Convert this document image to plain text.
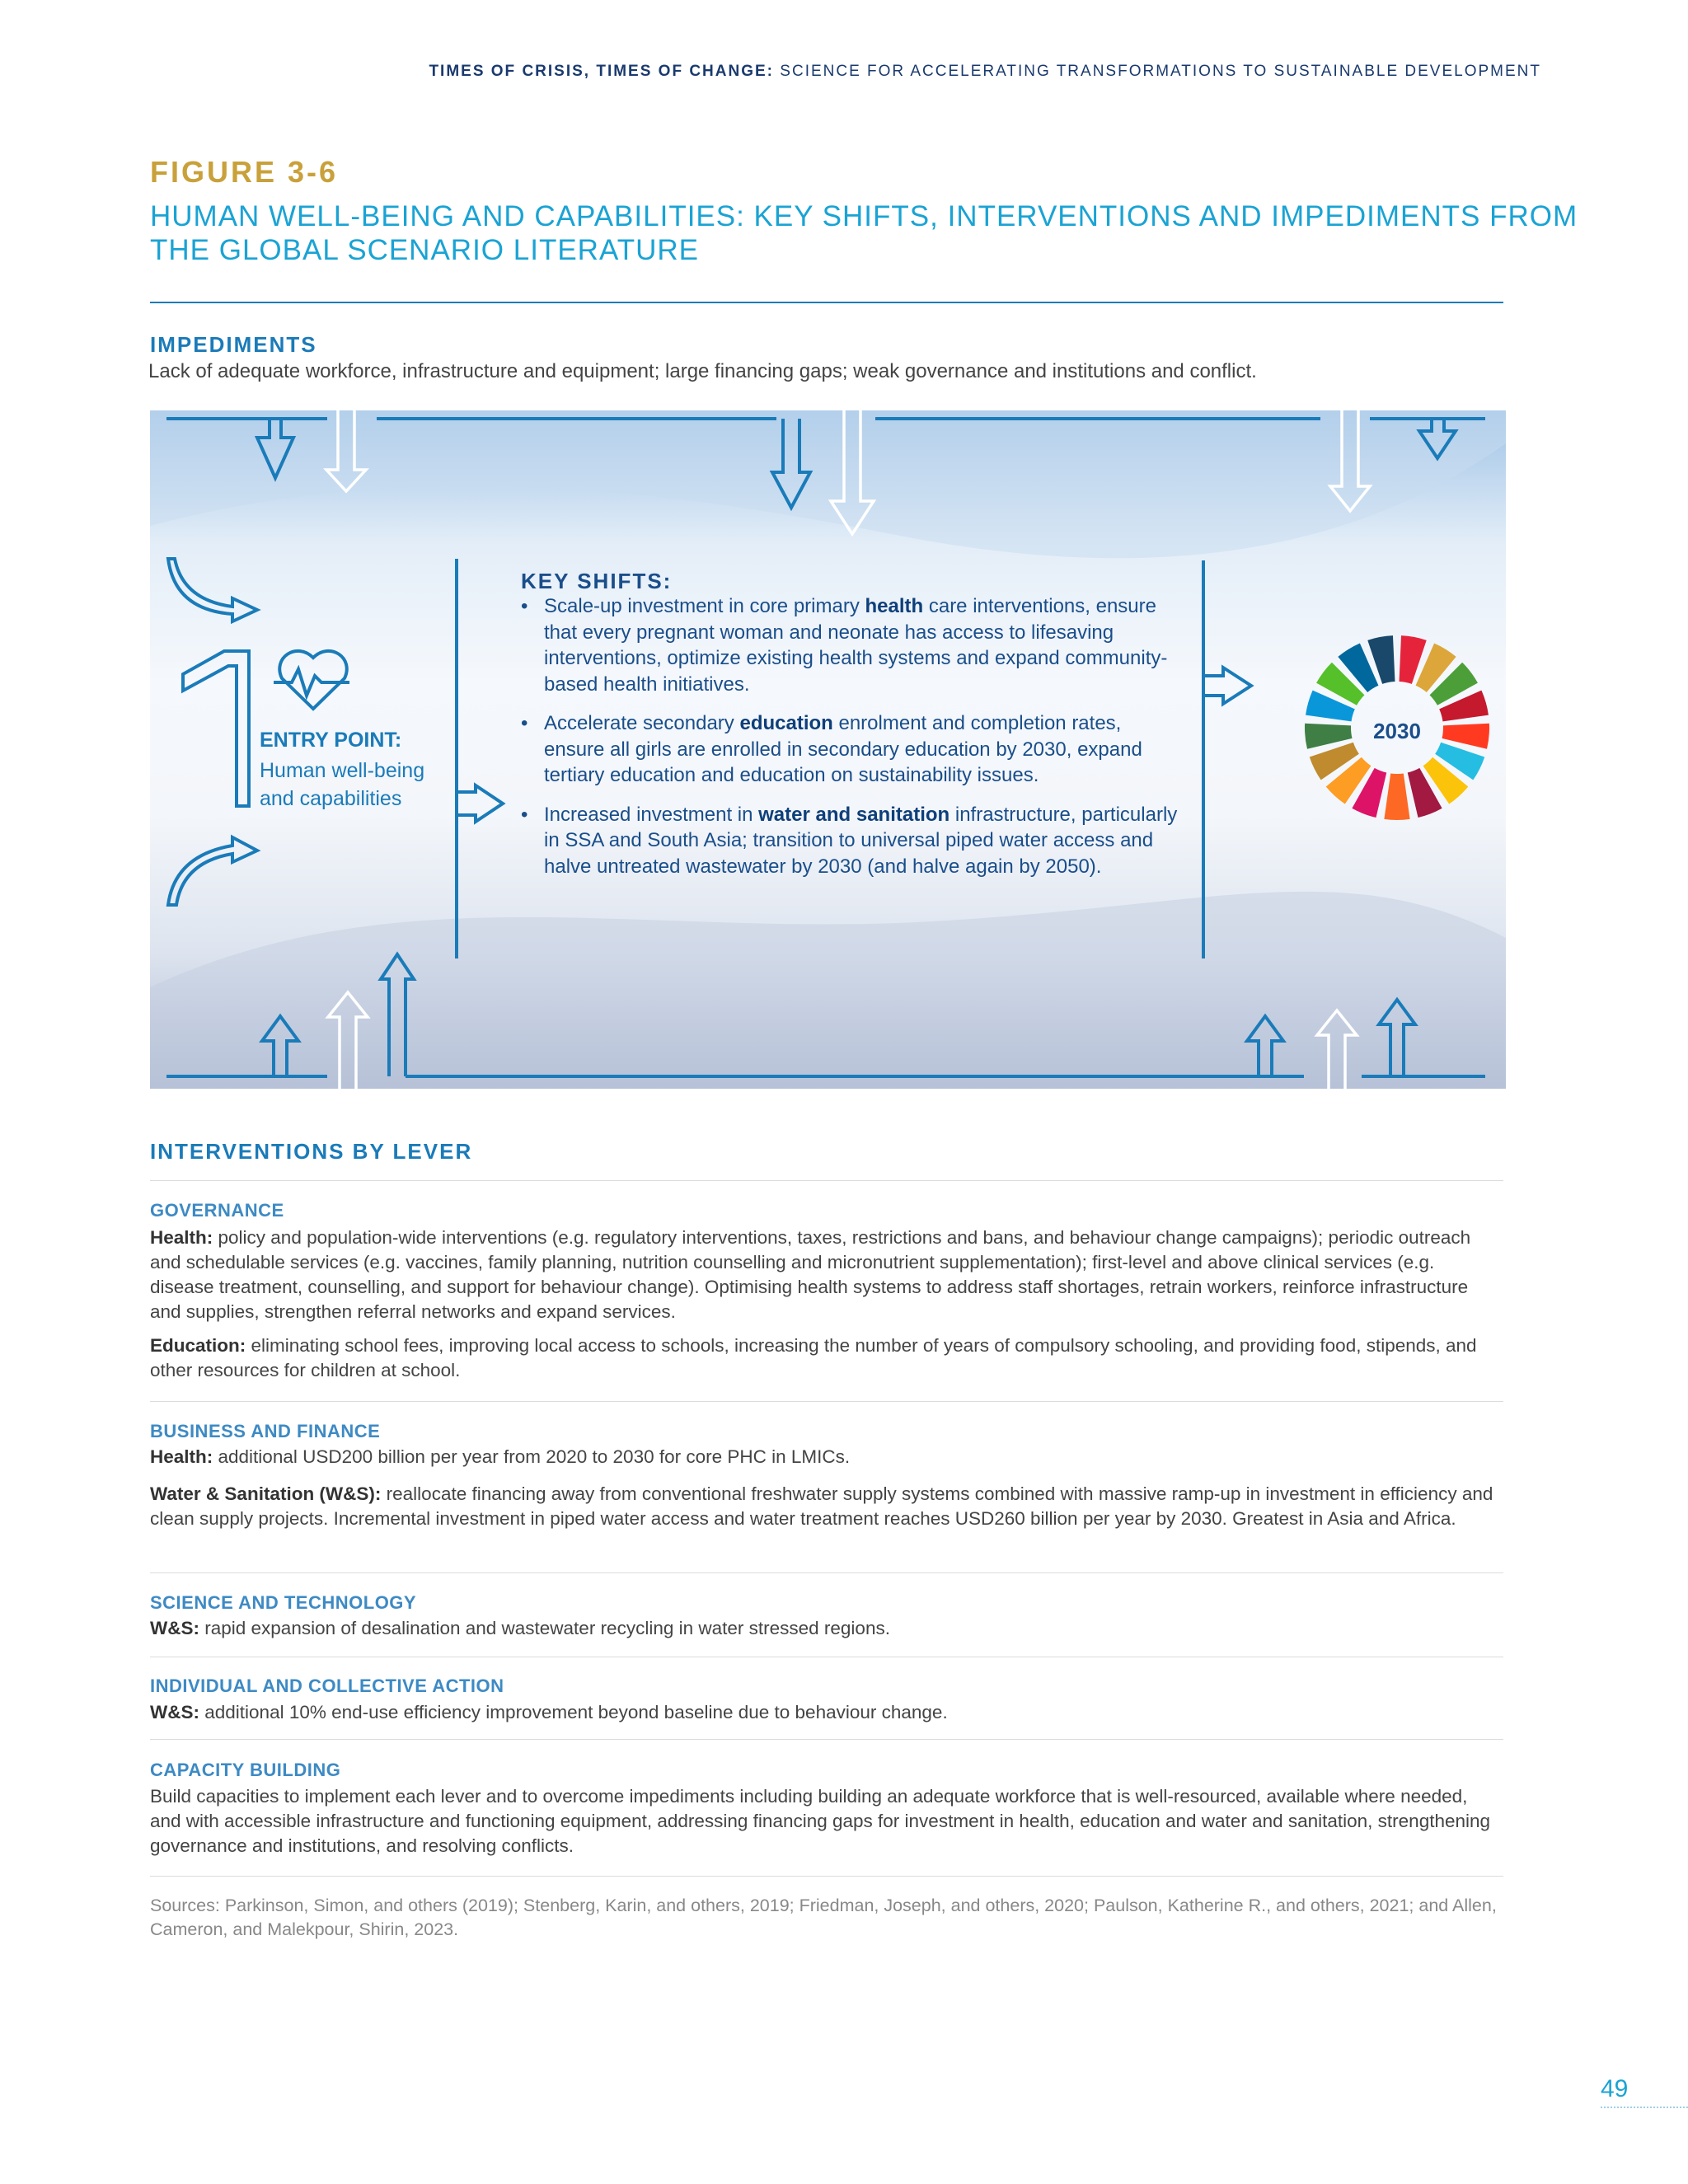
TIMES OF CRISIS, TIMES OF CHANGE: SCIENCE FOR ACCELERATING TRANSFORMATIONS TO SUSTAINABLE DEVELOPMENT
FIGURE 3-6
HUMAN WELL-BEING AND CAPABILITIES: KEY SHIFTS, INTERVENTIONS AND IMPEDIMENTS FROM THE GLOBAL SCENARIO LITERATURE
IMPEDIMENTS
Lack of adequate workforce, infrastructure and equipment; large financing gaps; weak governance and institutions and conflict.
KEY SHIFTS:
• Scale-up investment in core primary health care interventions, ensure that every pregnant woman and neonate has access to lifesaving interventions, optimize existing health systems and expand community-based health initiatives.
• Accelerate secondary education enrolment and completion rates, ensure all girls are enrolled in secondary education by 2030, expand tertiary education and education on sustainability issues.
• Increased investment in water and sanitation infrastructure, particularly in SSA and South Asia; transition to universal piped water access and halve untreated wastewater by 2030 (and halve again by 2050).
ENTRY POINT:
Human well-being and capabilities
2030
INTERVENTIONS BY LEVER
GOVERNANCE

Health: policy and population-wide interventions (e.g. regulatory interventions, taxes, restrictions and bans, and behaviour change campaigns); periodic outreach and schedulable services (e.g. vaccines, family planning, nutrition counselling and micronutrient supplementation); first-level and above clinical services (e.g. disease treatment, counselling, and support for behaviour change). Optimising health systems to address staff shortages, retrain workers, reinforce infrastructure and supplies, strengthen referral networks and expand services.

Education: eliminating school fees, improving local access to schools, increasing the number of years of compulsory schooling, and providing food, stipends, and other resources for children at school.

BUSINESS AND FINANCE

Health: additional USD200 billion per year from 2020 to 2030 for core PHC in LMICs.

Water & Sanitation (W&S): reallocate financing away from conventional freshwater supply systems combined with massive ramp-up in investment in efficiency and clean supply projects. Incremental investment in piped water access and water treatment reaches USD260 billion per year by 2030. Greatest in Asia and Africa.

SCIENCE AND TECHNOLOGY

W&S: rapid expansion of desalination and wastewater recycling in water stressed regions.

INDIVIDUAL AND COLLECTIVE ACTION

W&S: additional 10% end-use efficiency improvement beyond baseline due to behaviour change.

CAPACITY BUILDING

Build capacities to implement each lever and to overcome impediments including building an adequate workforce that is well-resourced, available where needed, and with accessible infrastructure and functioning equipment, addressing financing gaps for investment in health, education and water and sanitation, strengthening governance and institutions, and resolving conflicts.

Sources: Parkinson, Simon, and others (2019); Stenberg, Karin, and others, 2019; Friedman, Joseph, and others, 2020; Paulson, Katherine R., and others, 2021; and Allen, Cameron, and Malekpour, Shirin, 2023.
49
